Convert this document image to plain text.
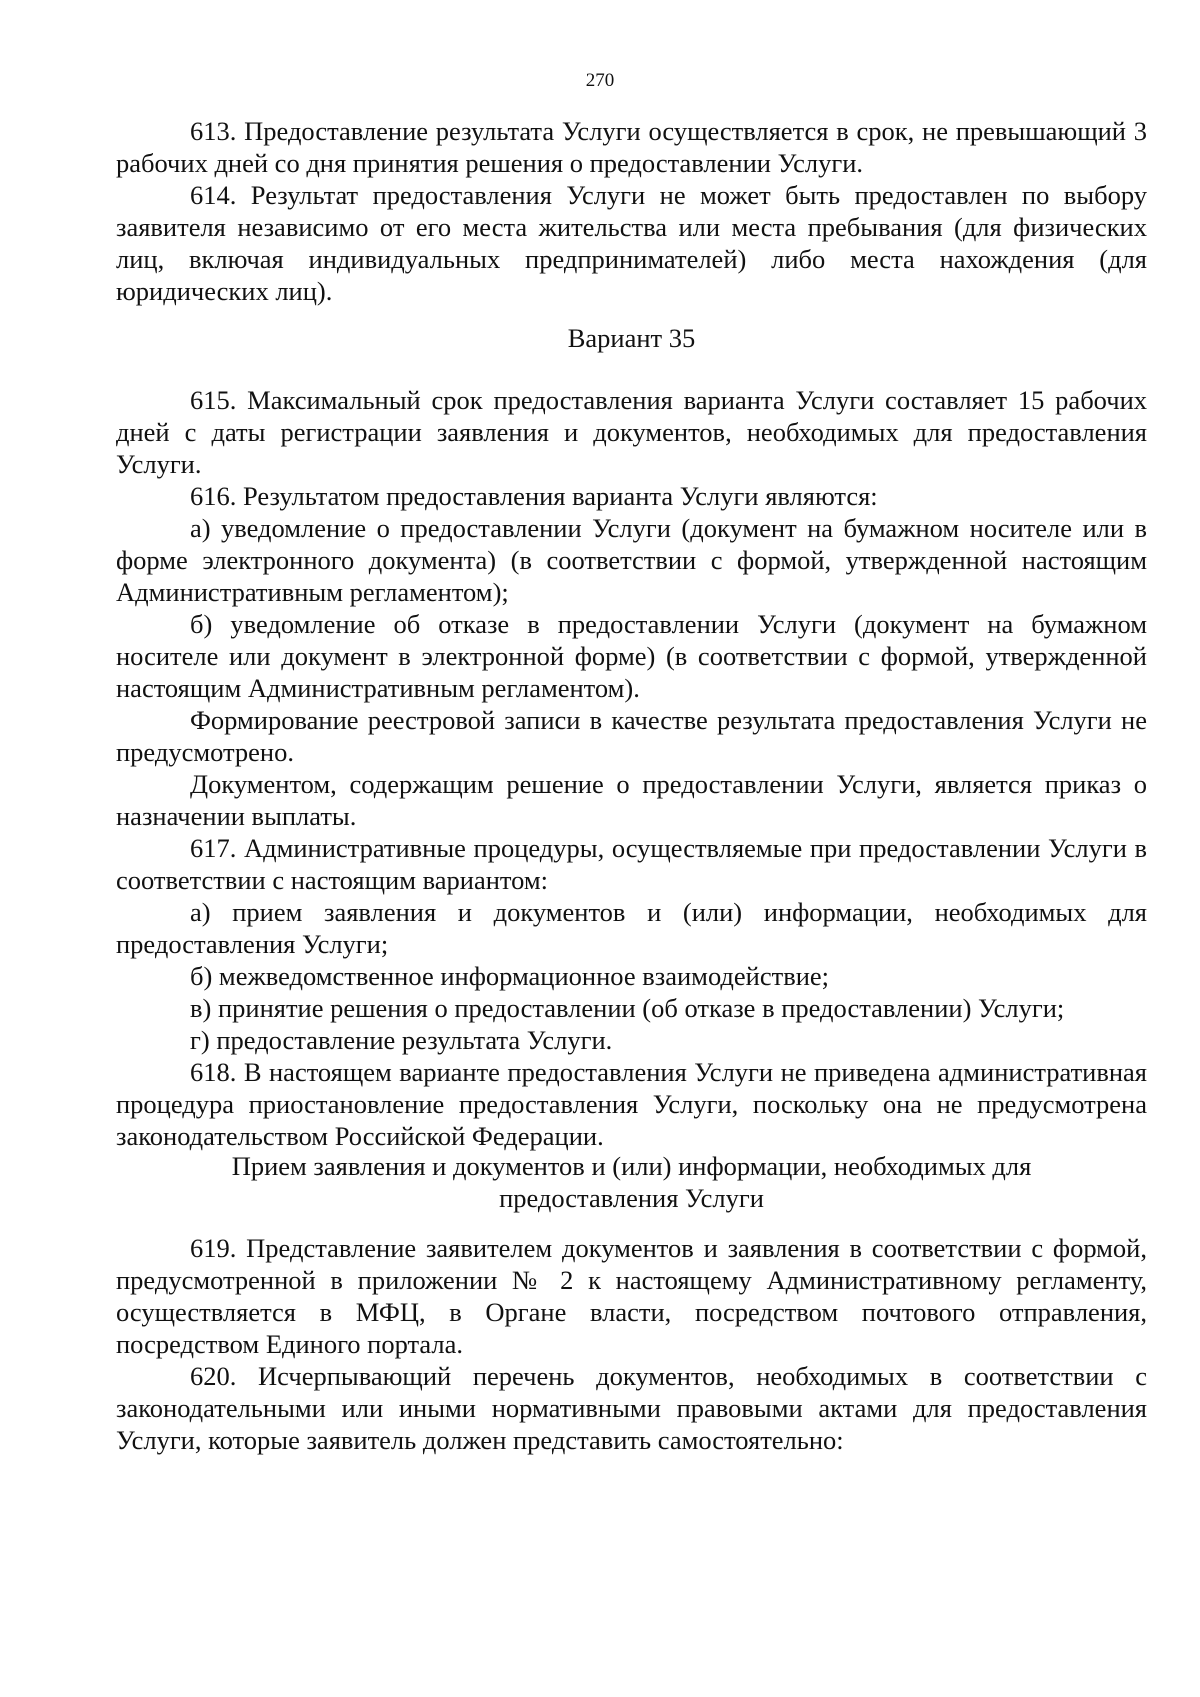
270

613. Предоставление результата Услуги осуществляется в срок, не превышающий 3 рабочих дней со дня принятия решения о предоставлении Услуги.

614. Результат предоставления Услуги не может быть предоставлен по выбору заявителя независимо от его места жительства или места пребывания (для физических лиц, включая индивидуальных предпринимателей) либо места нахождения (для юридических лиц).

Вариант 35

615. Максимальный срок предоставления варианта Услуги составляет 15 рабочих дней с даты регистрации заявления и документов, необходимых для предоставления Услуги.

616. Результатом предоставления варианта Услуги являются:

а) уведомление о предоставлении Услуги (документ на бумажном носителе или в форме электронного документа) (в соответствии с формой, утвержденной настоящим Административным регламентом);

б) уведомление об отказе в предоставлении Услуги (документ на бумажном носителе или документ в электронной форме) (в соответствии с формой, утвержденной настоящим Административным регламентом).

Формирование реестровой записи в качестве результата предоставления Услуги не предусмотрено.

Документом, содержащим решение о предоставлении Услуги, является приказ о назначении выплаты.

617. Административные процедуры, осуществляемые при предоставлении Услуги в соответствии с настоящим вариантом:

а) прием заявления и документов и (или) информации, необходимых для предоставления Услуги;

б) межведомственное информационное взаимодействие;

в) принятие решения о предоставлении (об отказе в предоставлении) Услуги;

г) предоставление результата Услуги.

618. В настоящем варианте предоставления Услуги не приведена административная процедура приостановление предоставления Услуги, поскольку она не предусмотрена законодательством Российской Федерации.

Прием заявления и документов и (или) информации, необходимых для
предоставления Услуги

619. Представление заявителем документов и заявления в соответствии с формой, предусмотренной в приложении № 2 к настоящему Административному регламенту, осуществляется в МФЦ, в Органе власти, посредством почтового отправления, посредством Единого портала.

620. Исчерпывающий перечень документов, необходимых в соответствии с законодательными или иными нормативными правовыми актами для предоставления Услуги, которые заявитель должен представить самостоятельно:
